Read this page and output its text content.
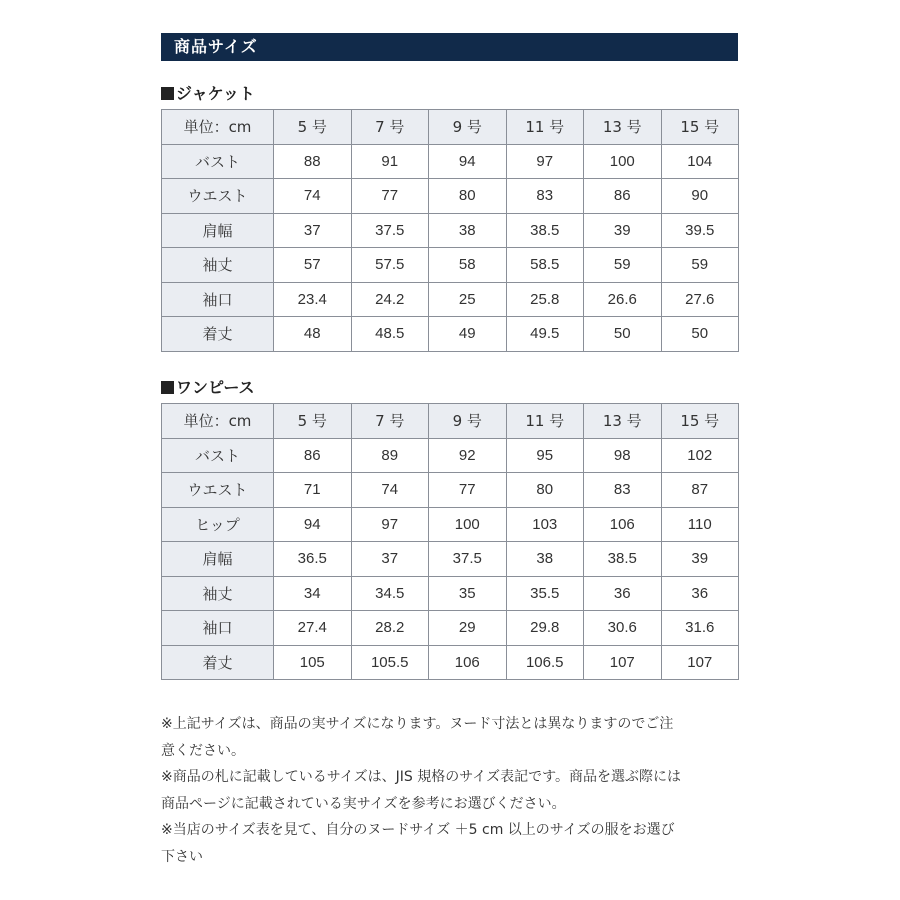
商品サイズ
ジャケット
単位：cm	5 号	7 号	9 号	11 号	13 号	15 号
バスト	88	91	94	97	100	104
ウエスト	74	77	80	83	86	90
肩幅	37	37.5	38	38.5	39	39.5
袖丈	57	57.5	58	58.5	59	59
袖口	23.4	24.2	25	25.8	26.6	27.6
着丈	48	48.5	49	49.5	50	50
ワンピース
単位：cm	5 号	7 号	9 号	11 号	13 号	15 号
バスト	86	89	92	95	98	102
ウエスト	71	74	77	80	83	87
ヒップ	94	97	100	103	106	110
肩幅	36.5	37	37.5	38	38.5	39
袖丈	34	34.5	35	35.5	36	36
袖口	27.4	28.2	29	29.8	30.6	31.6
着丈	105	105.5	106	106.5	107	107

※上記サイズは、商品の実サイズになります。ヌード寸法とは異なりますのでご注

意ください。

※商品の札に記載しているサイズは、JIS 規格のサイズ表記です。商品を選ぶ際には

商品ページに記載されている実サイズを参考にお選びください。

※当店のサイズ表を見て、自分のヌードサイズ ＋5 cm 以上のサイズの服をお選び

下さい
